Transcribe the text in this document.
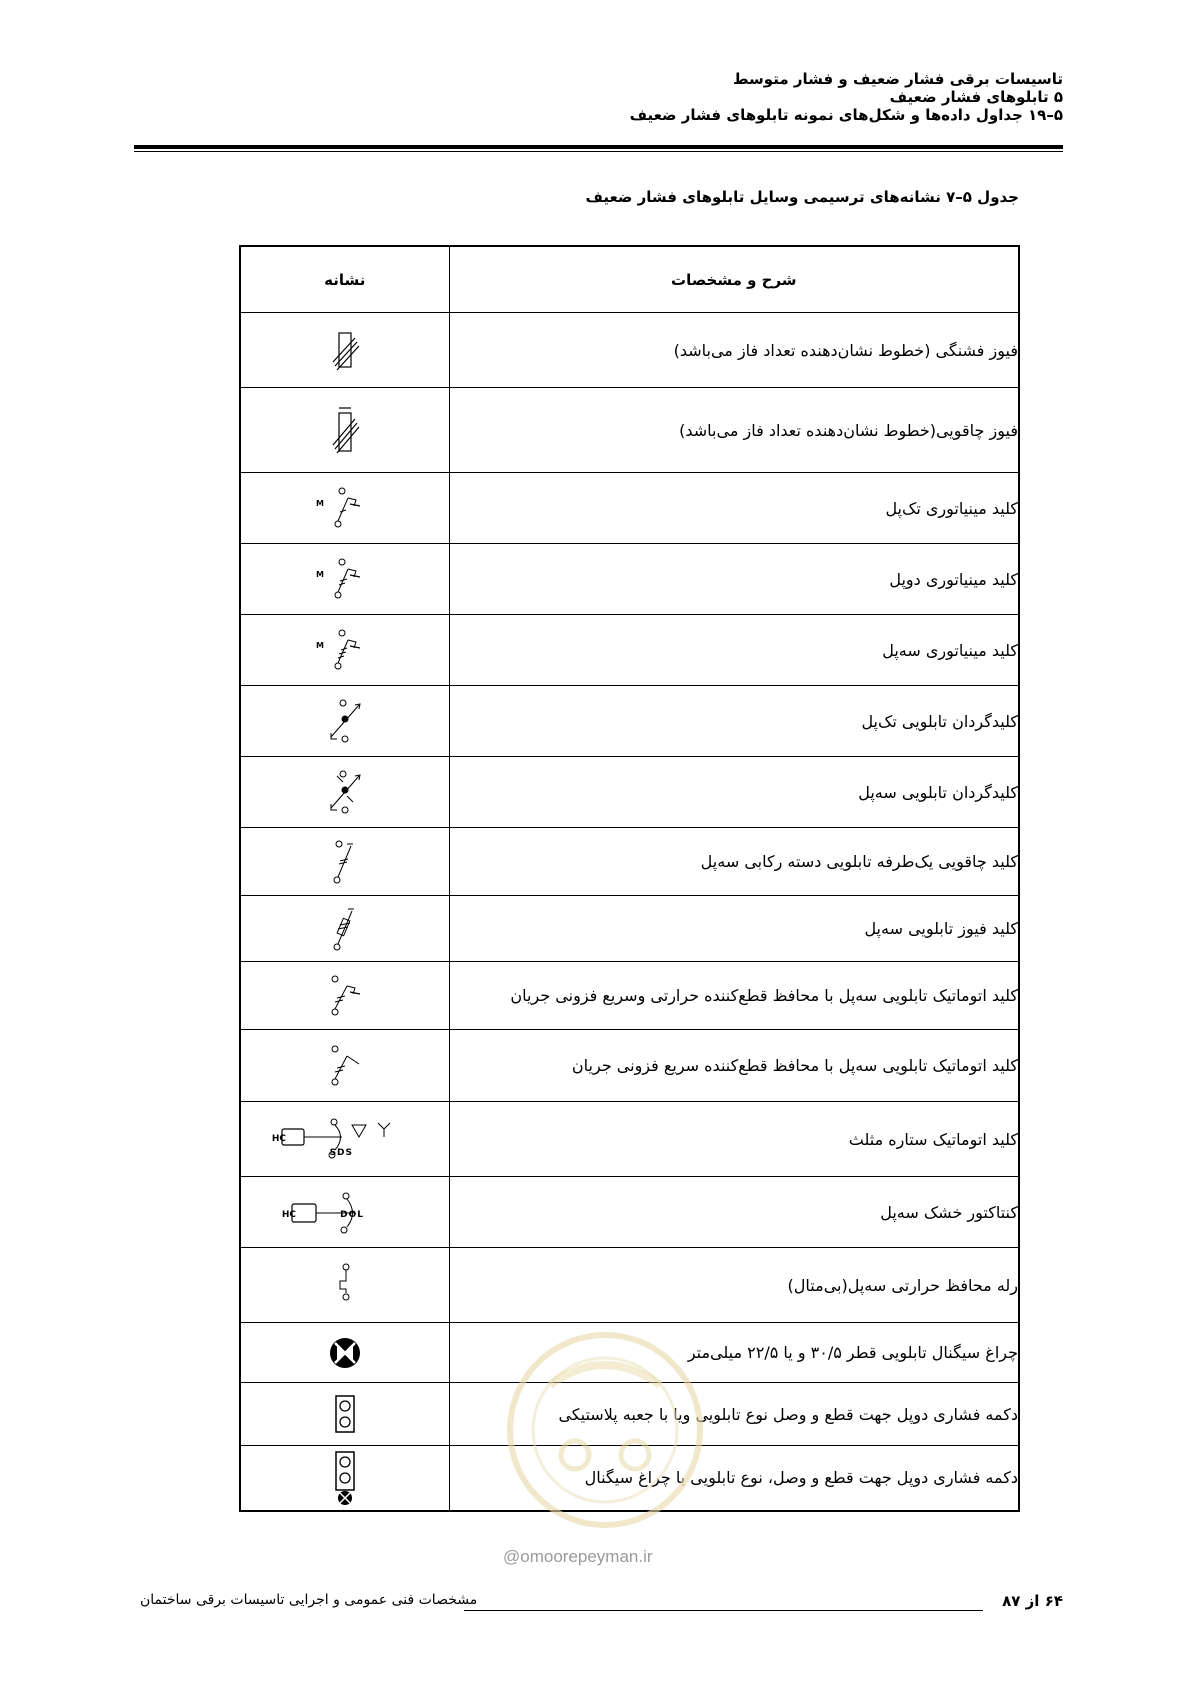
تاسیسات برقی فشار ضعیف و فشار متوسط
۵ تابلوهای فشار ضعیف
۵–۱۹ جداول داده‌ها و شکل‌های نمونه تابلوهای فشار ضعیف
جدول ۵–۷ نشانه‌های ترسیمی وسایل تابلوهای فشار ضعیف
شرح و مشخصات	نشانه
فیوز فشنگی (خطوط نشان‌دهنده تعداد فاز می‌باشد)	

فیوز چاقویی(خطوط نشان‌دهنده تعداد فاز می‌باشد)	

کلید مینیاتوری تک‌پل	M

کلید مینیاتوری دوپل	M

کلید مینیاتوری سه‌پل	M

کلیدگردان تابلویی تک‌پل	

کلیدگردان تابلویی سه‌پل	

کلید چاقویی یک‌طرفه تابلویی دسته رکابی سه‌پل	

کلید فیوز تابلویی سه‌پل	

کلید اتوماتیک تابلویی سه‌پل با محافظ قطع‌کننده حرارتی وسریع فزونی جریان	

کلید اتوماتیک تابلویی سه‌پل با محافظ قطع‌کننده سریع فزونی جریان	

کلید اتوماتیک ستاره مثلث	HC
SDS

کنتاکتور خشک سه‌پل	HC DOL

رله محافظ حرارتی سه‌پل(بی‌متال)	

چراغ سیگنال تابلویی قطر ۳۰/۵ و یا ۲۲/۵ میلی‌متر	

دکمه فشاری دوپل جهت قطع و وصل نوع تابلویی ویا با جعبه پلاستیکی	

دکمه فشاری دوپل جهت قطع و وصل، نوع تابلویی با چراغ سیگنال	
@omoorepeyman.ir
۶۴ از ۸۷
مشخصات فنی عمومی و اجرایی تاسیسات برقی ساختمان
